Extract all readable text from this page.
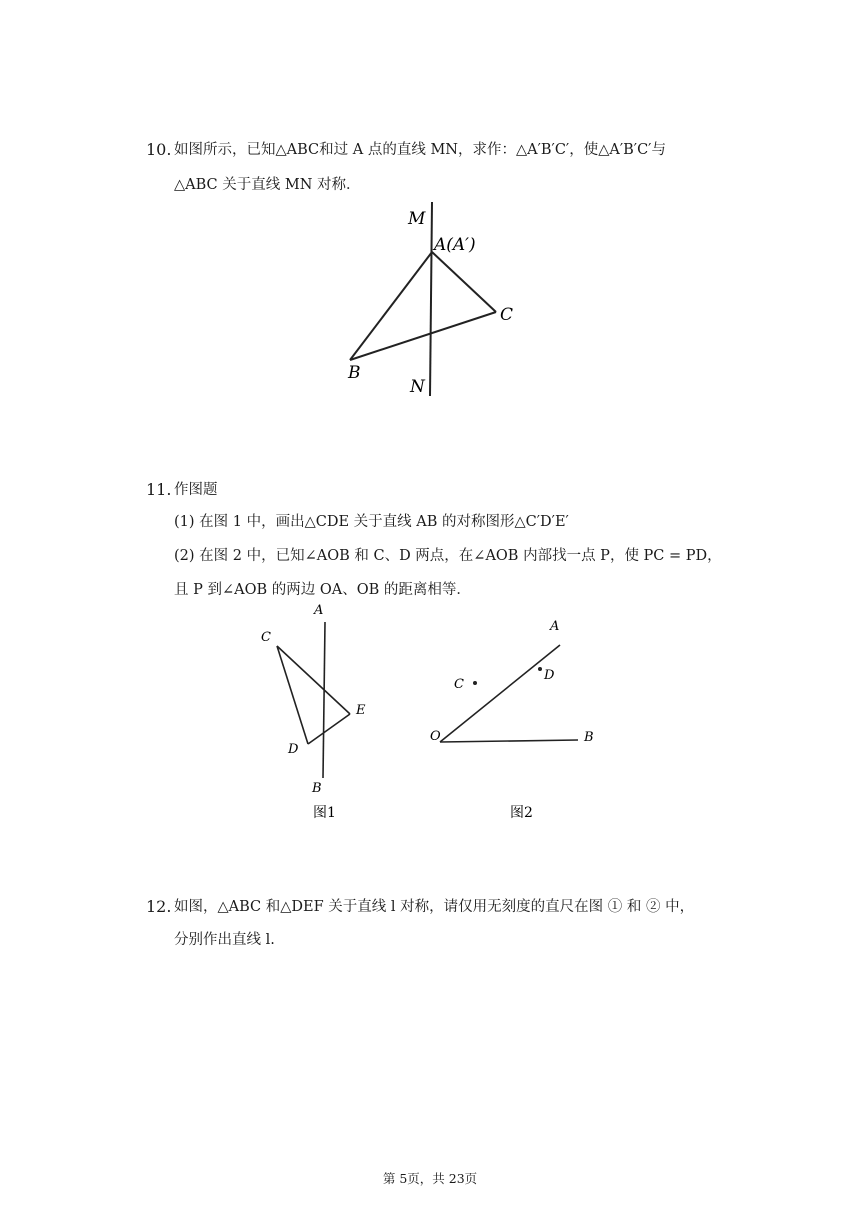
10. 如图所示，已知△ABC和过 A 点的直线 MN，求作：△A′B′C′，使△A′B′C′与
△ABC 关于直线 MN 对称．
M
N
A(A′)
B
C
11. 作图题
(1) 在图 1 中，画出△CDE 关于直线 AB 的对称图形△C′D′E′
(2) 在图 2 中，已知∠AOB 和 C、D 两点，在∠AOB 内部找一点 P，使 PC = PD，
且 P 到∠AOB 的两边 OA、OB 的距离相等．
A
B
C
D
E
图1
A
B
O
C
D
图2
12. 如图，△ABC 和△DEF 关于直线 l 对称，请仅用无刻度的直尺在图 ① 和 ② 中，
分别作出直线 l.
第 5页，共 23页
